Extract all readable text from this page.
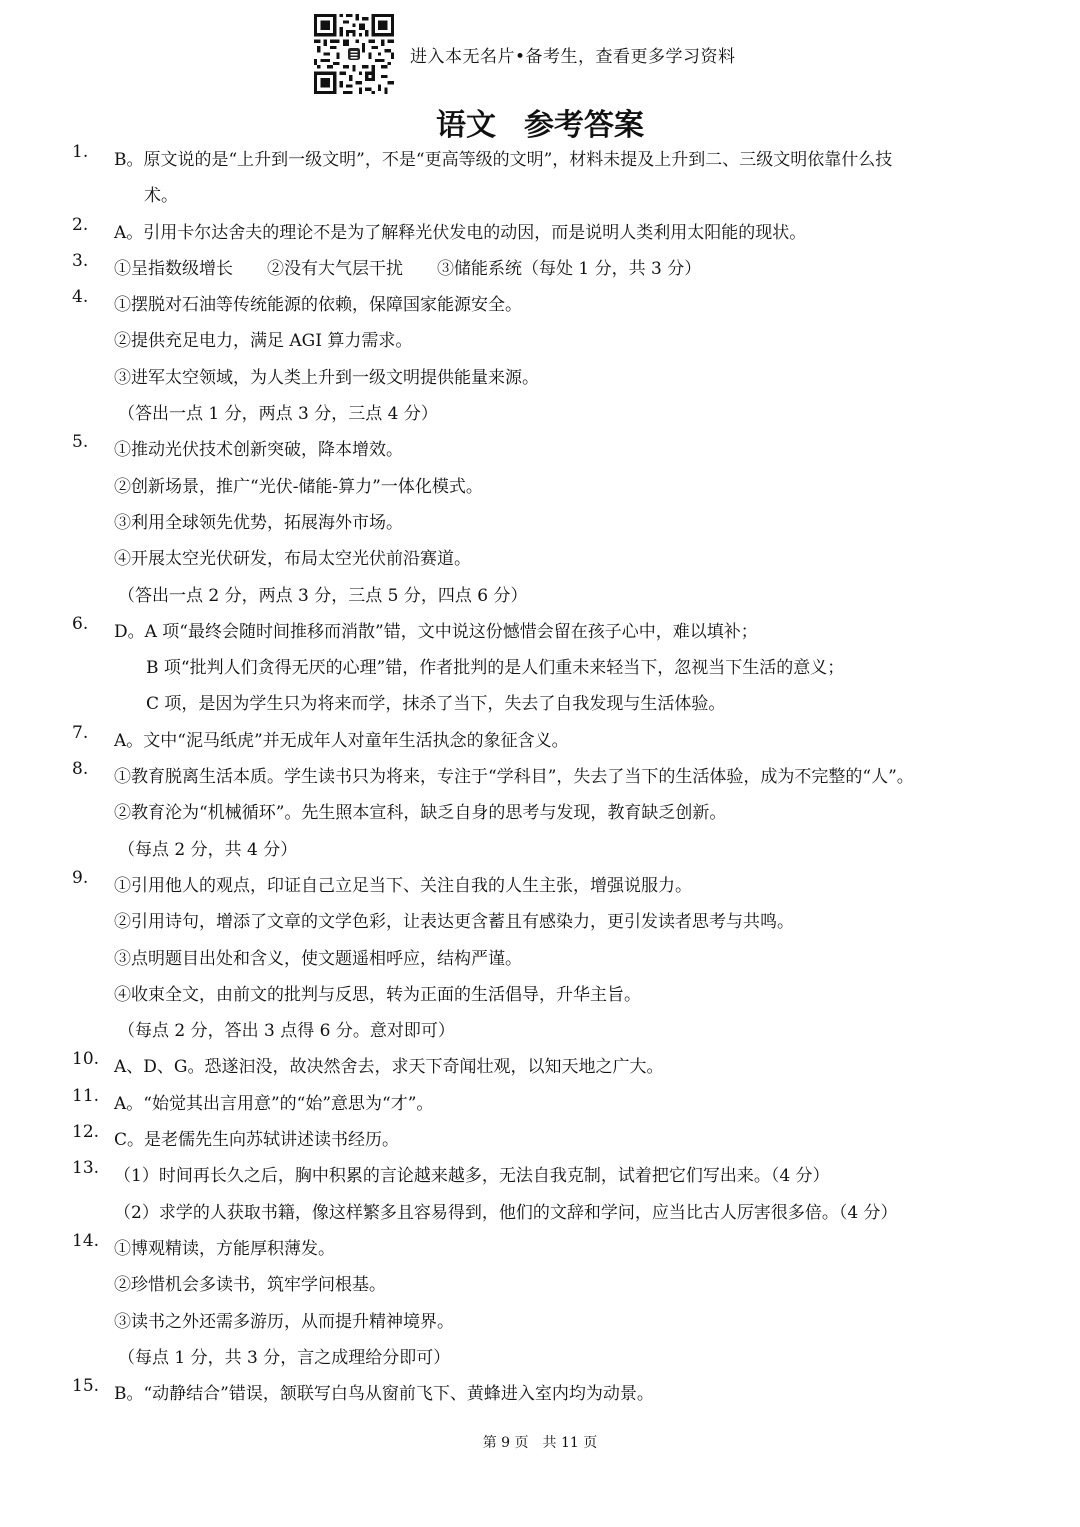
进入本无名片•备考生，查看更多学习资料
语文 参考答案
1.	B。原文说的是“上升到一级文明”，不是“更高等级的文明”，材料未提及上升到二、三级文明依靠什么技
术。
2.	A。引用卡尔达舍夫的理论不是为了解释光伏发电的动因，而是说明人类利用太阳能的现状。
3.	①呈指数级增长　　②没有大气层干扰　　③储能系统（每处 1 分，共 3 分）
4.	①摆脱对石油等传统能源的依赖，保障国家能源安全。
②提供充足电力，满足 AGI 算力需求。
③进军太空领域，为人类上升到一级文明提供能量来源。
（答出一点 1 分，两点 3 分，三点 4 分）
5.	①推动光伏技术创新突破，降本增效。
②创新场景，推广“光伏-储能-算力”一体化模式。
③利用全球领先优势，拓展海外市场。
④开展太空光伏研发，布局太空光伏前沿赛道。
（答出一点 2 分，两点 3 分，三点 5 分，四点 6 分）
6.	D。A 项“最终会随时间推移而消散”错，文中说这份憾惜会留在孩子心中，难以填补；
B 项“批判人们贪得无厌的心理”错，作者批判的是人们重未来轻当下，忽视当下生活的意义；
C 项，是因为学生只为将来而学，抹杀了当下，失去了自我发现与生活体验。
7.	A。文中“泥马纸虎”并无成年人对童年生活执念的象征含义。
8.	①教育脱离生活本质。学生读书只为将来，专注于“学科目”，失去了当下的生活体验，成为不完整的“人”。
②教育沦为“机械循环”。先生照本宣科，缺乏自身的思考与发现，教育缺乏创新。
（每点 2 分，共 4 分）
9.	①引用他人的观点，印证自己立足当下、关注自我的人生主张，增强说服力。
②引用诗句，增添了文章的文学色彩，让表达更含蓄且有感染力，更引发读者思考与共鸣。
③点明题目出处和含义，使文题遥相呼应，结构严谨。
④收束全文，由前文的批判与反思，转为正面的生活倡导，升华主旨。
（每点 2 分，答出 3 点得 6 分。意对即可）
10. A、D、G。恐遂汩没，故决然舍去，求天下奇闻壮观，以知天地之广大。
11. A。“始觉其出言用意”的“始”意思为“才”。
12. C。是老儒先生向苏轼讲述读书经历。
13. （1）时间再长久之后，胸中积累的言论越来越多，无法自我克制，试着把它们写出来。（4 分）
（2）求学的人获取书籍，像这样繁多且容易得到，他们的文辞和学问，应当比古人厉害很多倍。（4 分）
14. ①博观精读，方能厚积薄发。
②珍惜机会多读书，筑牢学问根基。
③读书之外还需多游历，从而提升精神境界。
（每点 1 分，共 3 分，言之成理给分即可）
15. B。“动静结合”错误，颔联写白鸟从窗前飞下、黄蜂进入室内均为动景。
第 9 页　共 11 页
